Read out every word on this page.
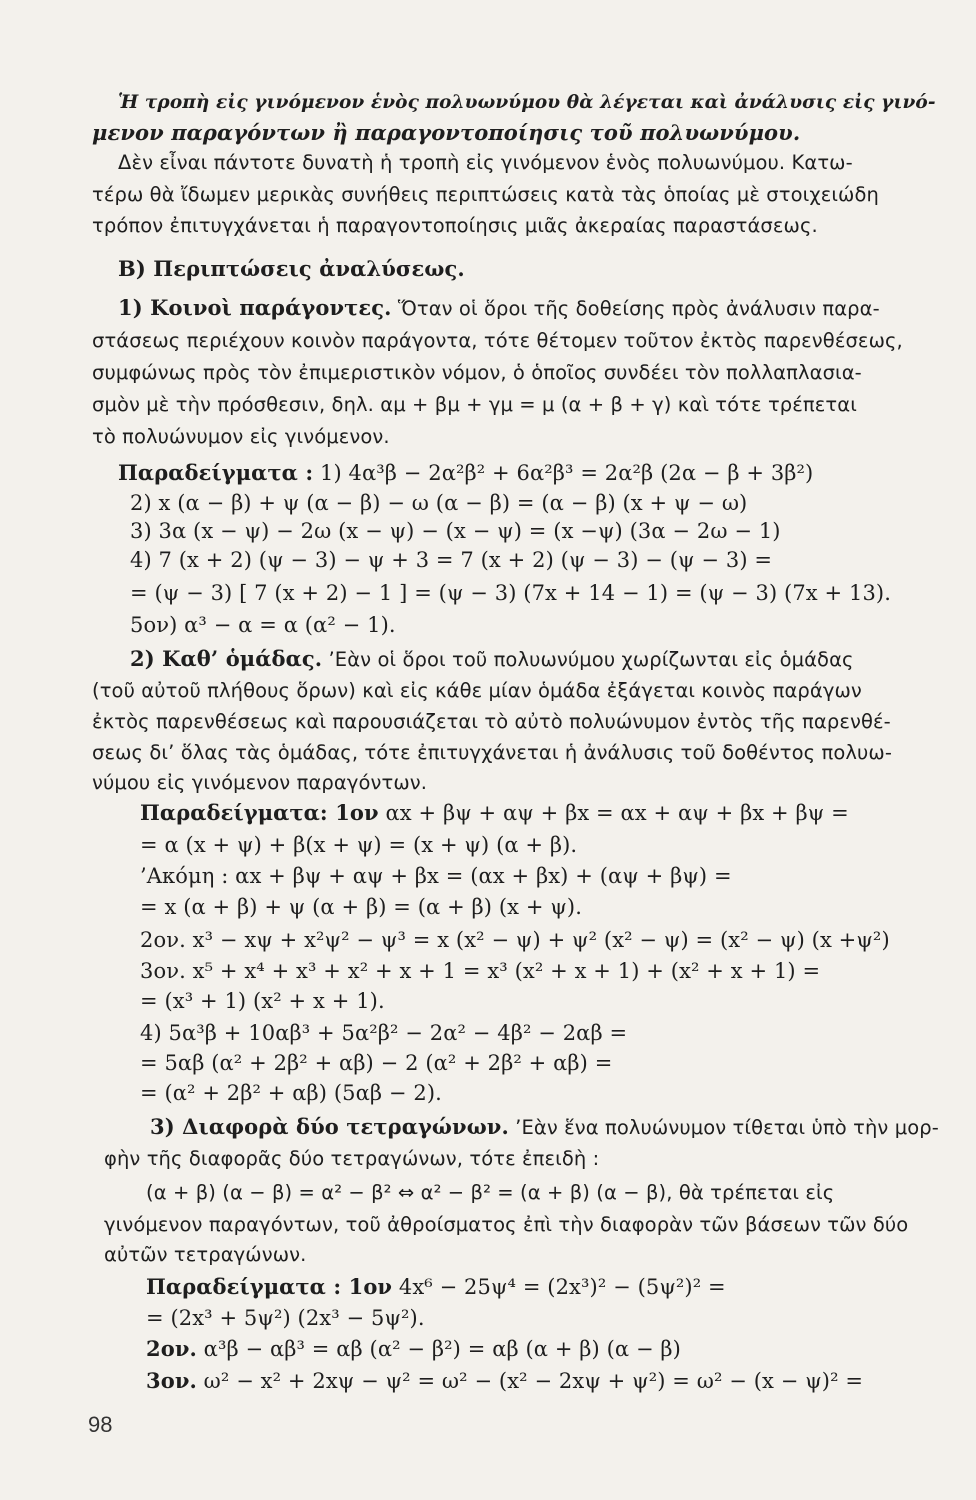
Ἡ τροπὴ εἰς γινόμενον ἑνὸς πολυωνύμου θὰ λέγεται καὶ ἀνάλυσις εἰς γινό-
μενον παραγόντων ἢ παραγοντοποίησις τοῦ πολυωνύμου.
Δὲν εἶναι πάντοτε δυνατὴ ἡ τροπὴ εἰς γινόμενον ἑνὸς πολυωνύμου. Κατω-
τέρω θὰ ἴδωμεν μερικὰς συνήθεις περιπτώσεις κατὰ τὰς ὁποίας μὲ στοιχειώδη
τρόπον ἐπιτυγχάνεται ἡ παραγοντοποίησις μιᾶς ἀκεραίας παραστάσεως.
Β) Περιπτώσεις ἀναλύσεως.
1) Κοινοὶ παράγοντες. Ὅταν οἱ ὅροι τῆς δοθείσης πρὸς ἀνάλυσιν παρα-
στάσεως περιέχουν κοινὸν παράγοντα, τότε θέτομεν τοῦτον ἐκτὸς παρενθέσεως,
συμφώνως πρὸς τὸν ἐπιμεριστικὸν νόμον, ὁ ὁποῖος συνδέει τὸν πολλαπλασια-
σμὸν μὲ τὴν πρόσθεσιν, δηλ. αμ + βμ + γμ = μ (α + β + γ) καὶ τότε τρέπεται
τὸ πολυώνυμον εἰς γινόμενον.
Παραδείγματα : 1) 4α³β − 2α²β² + 6α²β³ = 2α²β (2α − β + 3β²)
2) x (α − β) + ψ (α − β) − ω (α − β) = (α − β) (x + ψ − ω)
3) 3α (x − ψ) − 2ω (x − ψ) − (x − ψ) = (x −ψ) (3α − 2ω − 1)
4) 7 (x + 2) (ψ − 3) − ψ + 3 = 7 (x + 2) (ψ − 3) − (ψ − 3) =
= (ψ − 3) [ 7 (x + 2) − 1 ] = (ψ − 3) (7x + 14 − 1) = (ψ − 3) (7x + 13).
5ον) α³ − α = α (α² − 1).
2) Καθ’ ὁμάδας. ’Εὰν οἱ ὅροι τοῦ πολυωνύμου χωρίζωνται εἰς ὁμάδας
(τοῦ αὐτοῦ πλήθους ὅρων) καὶ εἰς κάθε μίαν ὁμάδα ἐξάγεται κοινὸς παράγων
ἐκτὸς παρενθέσεως καὶ παρουσιάζεται τὸ αὐτὸ πολυώνυμον ἐντὸς τῆς παρενθέ-
σεως δι’ ὅλας τὰς ὁμάδας, τότε ἐπιτυγχάνεται ἡ ἀνάλυσις τοῦ δοθέντος πολυω-
νύμου εἰς γινόμενον παραγόντων.
Παραδείγματα: 1ον αx + βψ + αψ + βx = αx + αψ + βx + βψ =
= α (x + ψ) + β(x + ψ) = (x + ψ) (α + β).
’Ακόμη : αx + βψ + αψ + βx = (αx + βx) + (αψ + βψ) =
= x (α + β) + ψ (α + β) = (α + β) (x + ψ).
2ον. x³ − xψ + x²ψ² − ψ³ = x (x² − ψ) + ψ² (x² − ψ) = (x² − ψ) (x +ψ²)
3ον. x⁵ + x⁴ + x³ + x² + x + 1 = x³ (x² + x + 1) + (x² + x + 1) =
= (x³ + 1) (x² + x + 1).
4) 5α³β + 10αβ³ + 5α²β² − 2α² − 4β² − 2αβ =
= 5αβ (α² + 2β² + αβ) − 2 (α² + 2β² + αβ) =
= (α² + 2β² + αβ) (5αβ − 2).
3) Διαφορὰ δύο τετραγώνων. ’Εὰν ἕνα πολυώνυμον τίθεται ὑπὸ τὴν μορ-
φὴν τῆς διαφορᾶς δύο τετραγώνων, τότε ἐπειδὴ :
(α + β) (α − β) = α² − β² ⇔ α² − β² = (α + β) (α − β), θὰ τρέπεται εἰς
γινόμενον παραγόντων, τοῦ ἀθροίσματος ἐπὶ τὴν διαφορὰν τῶν βάσεων τῶν δύο
αὐτῶν τετραγώνων.
Παραδείγματα : 1ον 4x⁶ − 25ψ⁴ = (2x³)² − (5ψ²)² =
= (2x³ + 5ψ²) (2x³ − 5ψ²).
2ον. α³β − αβ³ = αβ (α² − β²) = αβ (α + β) (α − β)
3ον. ω² − x² + 2xψ − ψ² = ω² − (x² − 2xψ + ψ²) = ω² − (x − ψ)² =
98
